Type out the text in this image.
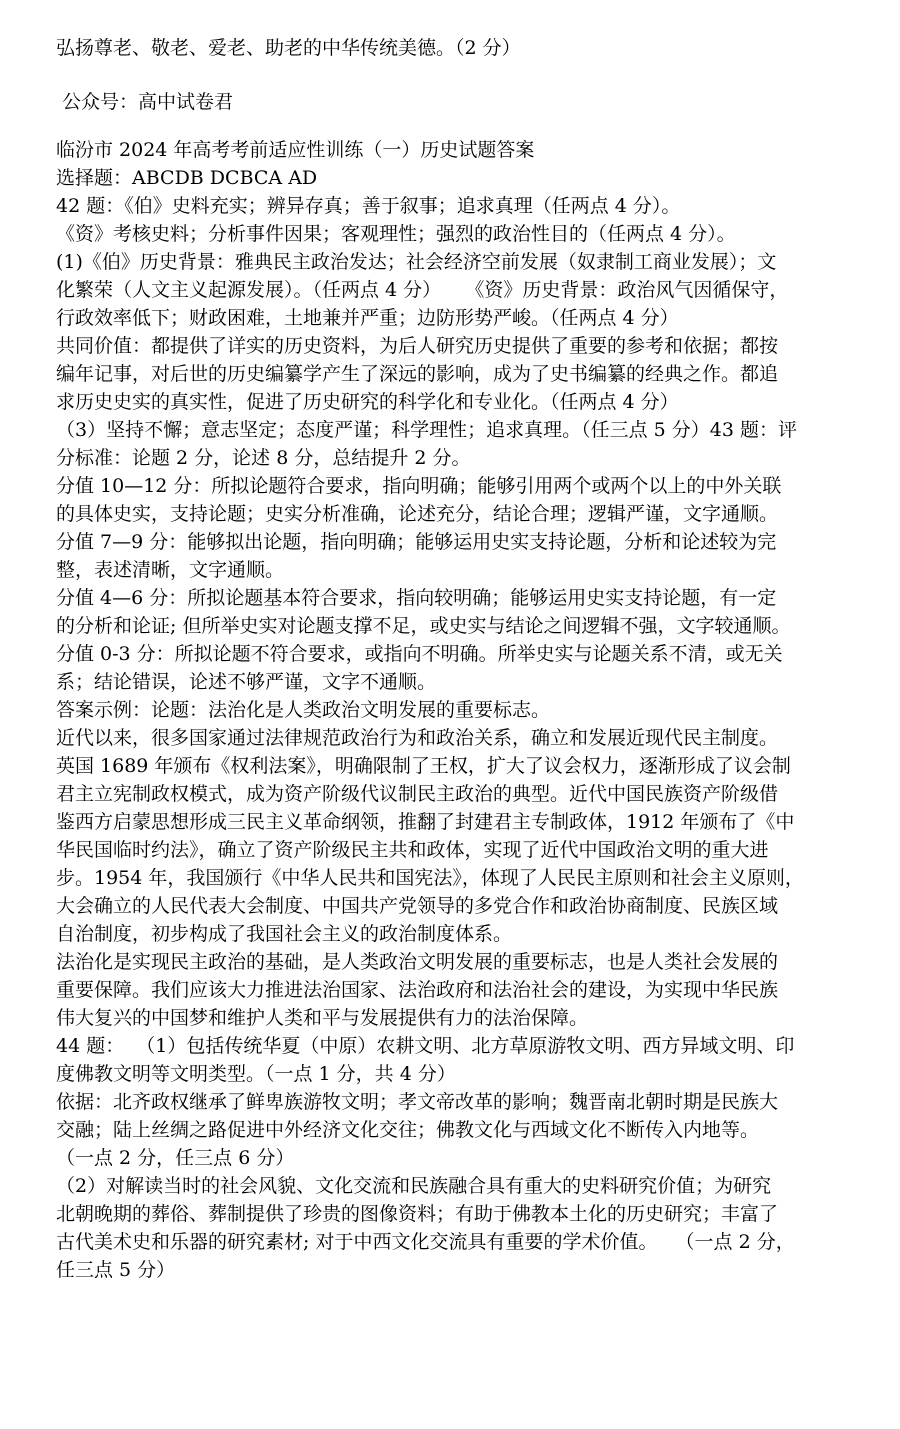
弘扬尊老、敬老、爱老、助老的中华传统美德。（2 分）
公众号：高中试卷君
临汾市 2024 年高考考前适应性训练（一）历史试题答案
选择题：ABCDB DCBCA AD
42 题：《伯》史料充实；辨异存真；善于叙事；追求真理（任两点 4 分）。
《资》考核史料；分析事件因果；客观理性；强烈的政治性目的（任两点 4 分）。
(1)《伯》历史背景：雅典民主政治发达；社会经济空前发展（奴隶制工商业发展）；文
化繁荣（人文主义起源发展）。（任两点 4 分）    《资》历史背景：政治风气因循保守，
行政效率低下；财政困难，土地兼并严重；边防形势严峻。（任两点 4 分）
共同价值：都提供了详实的历史资料，为后人研究历史提供了重要的参考和依据；都按
编年记事，对后世的历史编纂学产生了深远的影响，成为了史书编纂的经典之作。都追
求历史史实的真实性，促进了历史研究的科学化和专业化。（任两点 4 分）
（3）坚持不懈；意志坚定；态度严谨；科学理性；追求真理。（任三点 5 分）43 题：评
分标准：论题 2 分，论述 8 分，总结提升 2 分。
分值 10—12 分：所拟论题符合要求，指向明确；能够引用两个或两个以上的中外关联
的具体史实，支持论题；史实分析准确，论述充分，结论合理；逻辑严谨，文字通顺。
分值 7—9 分：能够拟出论题，指向明确；能够运用史实支持论题，分析和论述较为完
整，表述清晰，文字通顺。
分值 4—6 分：所拟论题基本符合要求，指向较明确；能够运用史实支持论题，有一定
的分析和论证; 但所举史实对论题支撑不足，或史实与结论之间逻辑不强，文字较通顺。
分值 0-3 分：所拟论题不符合要求，或指向不明确。所举史实与论题关系不清，或无关
系；结论错误，论述不够严谨，文字不通顺。
答案示例：论题：法治化是人类政治文明发展的重要标志。
近代以来，很多国家通过法律规范政治行为和政治关系，确立和发展近现代民主制度。
英国 1689 年颁布《权利法案》，明确限制了王权，扩大了议会权力，逐渐形成了议会制
君主立宪制政权模式，成为资产阶级代议制民主政治的典型。近代中国民族资产阶级借
鉴西方启蒙思想形成三民主义革命纲领，推翻了封建君主专制政体，1912 年颁布了《中
华民国临时约法》，确立了资产阶级民主共和政体，实现了近代中国政治文明的重大进
步。1954 年，我国颁行《中华人民共和国宪法》，体现了人民民主原则和社会主义原则，
大会确立的人民代表大会制度、中国共产党领导的多党合作和政治协商制度、民族区域
自治制度，初步构成了我国社会主义的政治制度体系。
法治化是实现民主政治的基础，是人类政治文明发展的重要标志，也是人类社会发展的
重要保障。我们应该大力推进法治国家、法治政府和法治社会的建设，为实现中华民族
伟大复兴的中国梦和维护人类和平与发展提供有力的法治保障。
44 题：  （1）包括传统华夏（中原）农耕文明、北方草原游牧文明、西方异域文明、印
度佛教文明等文明类型。（一点 1 分，共 4 分）
依据：北齐政权继承了鲜卑族游牧文明；孝文帝改革的影响；魏晋南北朝时期是民族大
交融；陆上丝绸之路促进中外经济文化交往；佛教文化与西域文化不断传入内地等。
（一点 2 分，任三点 6 分）
（2）对解读当时的社会风貌、文化交流和民族融合具有重大的史料研究价值；为研究
北朝晚期的葬俗、葬制提供了珍贵的图像资料；有助于佛教本土化的历史研究；丰富了
古代美术史和乐器的研究素材; 对于中西文化交流具有重要的学术价值。   （一点 2 分，
任三点 5 分）
